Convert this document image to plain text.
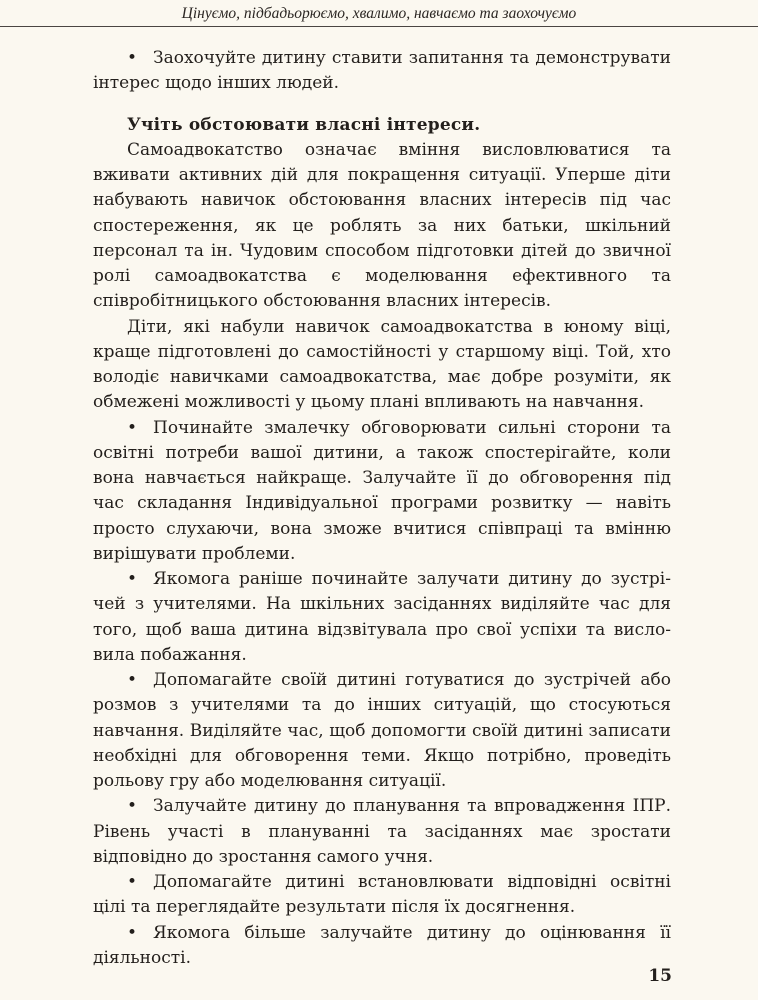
Цінуємо, підбадьорюємо, хвалимо, навчаємо та заохочуємо

• Заохочуйте дитину ставити запитання та демонструвати інтерес щодо інших людей.

Учіть обстоювати власні інтереси.

Самоадвокатство означає вміння висловлюватися та вживати активних дій для покращення ситуації. Уперше діти набувають навичок обстоювання власних інтересів під час спостереження, як це роблять за них батьки, шкільний персонал та ін. Чудовим способом підготовки дітей до звичної ролі самоадвокатства є моделювання ефективного та співробітницького обстоювання власних інтересів.

Діти, які набули навичок самоадвокатства в юному віці, краще підготовлені до самостійності у старшому віці. Той, хто володіє навичками самоадвокатства, має добре розуміти, як обмежені можливості у цьому плані впливають на навчання.

• Починайте змалечку обговорювати сильні сторони та освітні потреби вашої дитини, а також спостерігайте, коли вона навчається найкраще. Залучайте її до обговорення під час складання Індивідуальної програми розвитку — навіть просто слухаючи, вона зможе вчитися співпраці та вмінню вирішувати проблеми.

• Якомога раніше починайте залучати дитину до зустрічей з учителями. На шкільних засіданнях виділяйте час для того, щоб ваша дитина відзвітувала про свої успіхи та висловила побажання.

• Допомагайте своїй дитині готуватися до зустрічей або розмов з учителями та до інших ситуацій, що стосуються навчання. Виділяйте час, щоб допомогти своїй дитині записати необхідні для обговорення теми. Якщо потрібно, проведіть рольову гру або моделювання ситуації.

• Залучайте дитину до планування та впровадження ІПР. Рівень участі в плануванні та засіданнях має зростати відповідно до зростання самого учня.

• Допомагайте дитині встановлювати відповідні освітні цілі та переглядайте результати після їх досягнення.

• Якомога більше залучайте дитину до оцінювання її діяльності.

15
